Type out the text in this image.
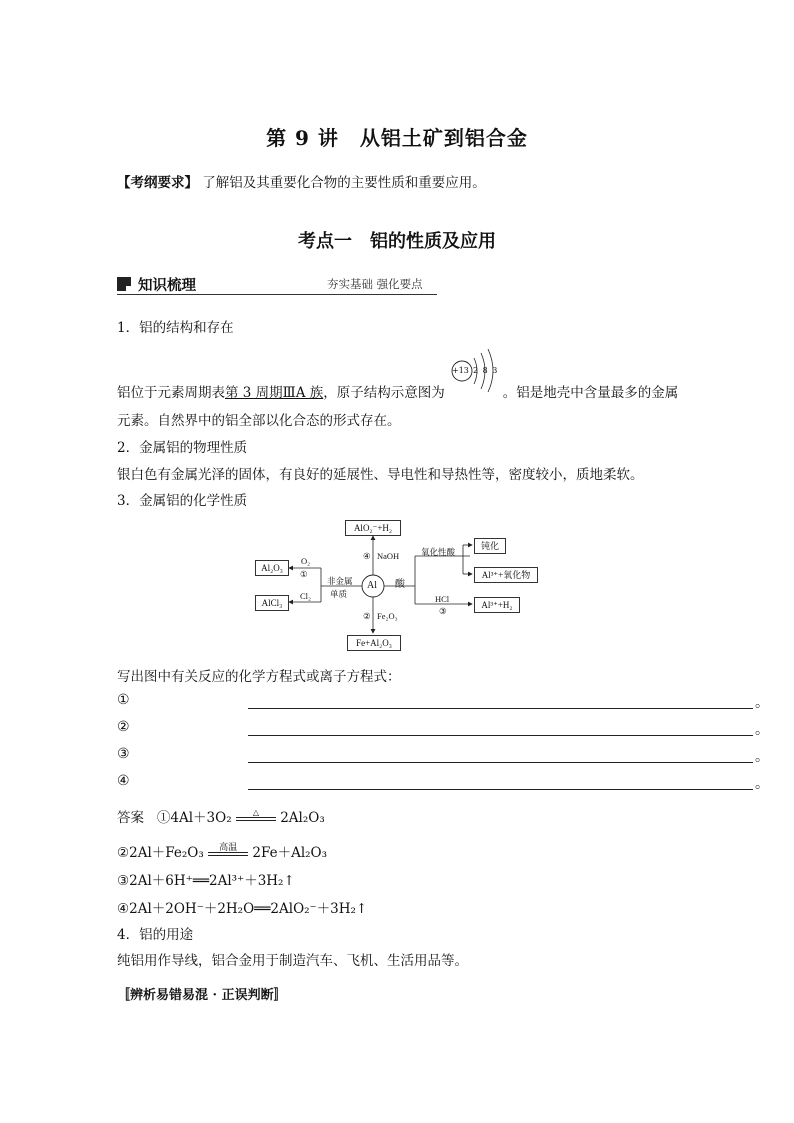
第 9 讲　从铝土矿到铝合金
【考纲要求】 了解铝及其重要化合物的主要性质和重要应用。
考点一　铝的性质及应用
知识梳理	夯实基础 强化要点
1．铝的结构和存在
+13 2 8 3
铝位于元素周期表第 3 周期ⅢA 族，原子结构示意图为	。铝是地壳中含量最多的金属
元素。自然界中的铝全部以化合态的形式存在。
2．金属铝的物理性质
银白色有金属光泽的固体，有良好的延展性、导电性和导热性等，密度较小，质地柔软。
3．金属铝的化学性质
Al
AlO₂⁻+H₂
NaOH
④
Fe+Al₂O₃
Fe₂O₃
②
Al₂O₃
O₂
①
AlCl₃
Cl₂
非金属
单质
酸
氧化性酸
钝化
Al³⁺+氧化物
HCl
③
Al³⁺+H₂
写出图中有关反应的化学方程式或离子方程式：
①	。
②	。
③	。
④	。
答案 ①4Al＋3O₂	△	2Al₂O₃
②2Al＋Fe₂O₃	高温	2Fe＋Al₂O₃
③2Al＋6H⁺══2Al³⁺＋3H₂↑
④2Al＋2OH⁻＋2H₂O══2AlO₂⁻＋3H₂↑
4．铝的用途
纯铝用作导线，铝合金用于制造汽车、飞机、生活用品等。
〚辨析易错易混 · 正误判断〛
